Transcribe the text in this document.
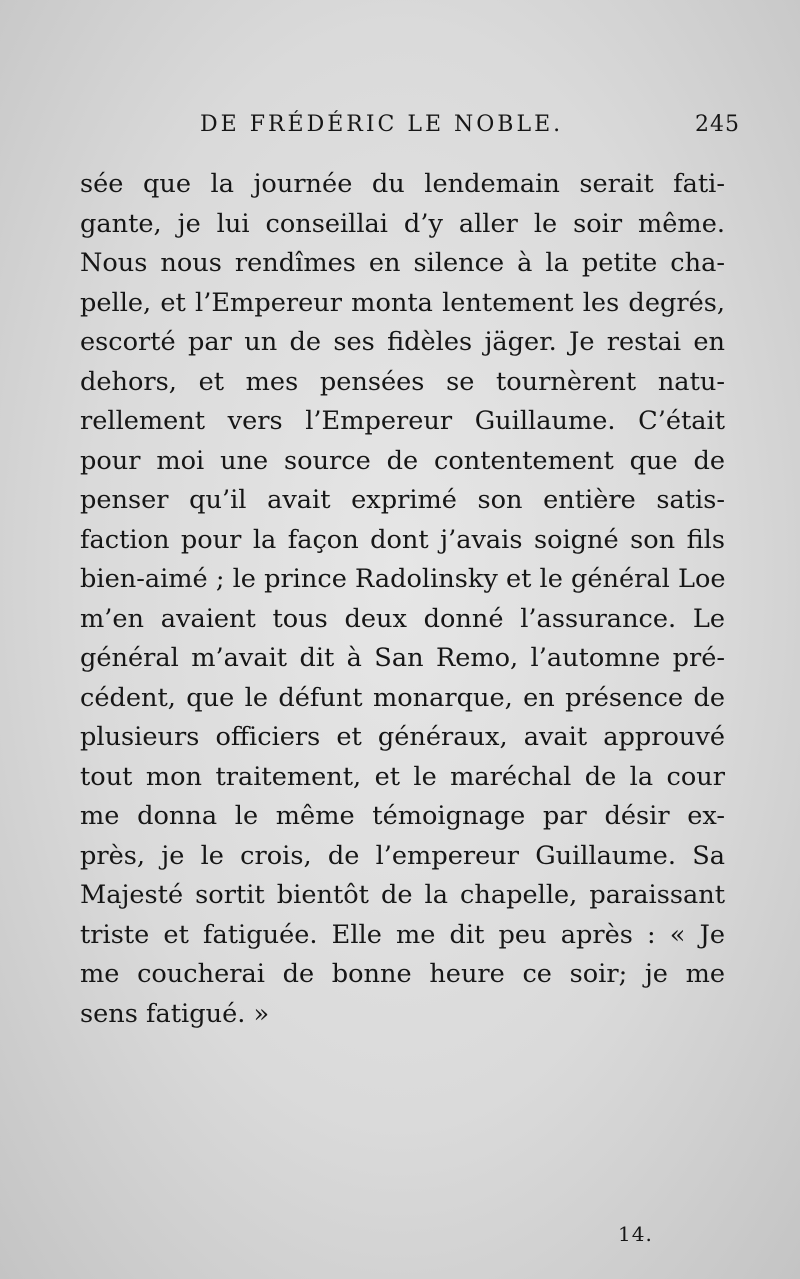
DE FRÉDÉRIC LE NOBLE.	245
sée que la journée du lendemain serait fati-
gante, je lui conseillai d’y aller le soir même.
Nous nous rendîmes en silence à la petite cha-
pelle, et l’Empereur monta lentement les degrés,
escorté par un de ses fidèles jäger. Je restai en
dehors, et mes pensées se tournèrent natu-
rellement vers l’Empereur Guillaume. C’était
pour moi une source de contentement que de
penser qu’il avait exprimé son entière satis-
faction pour la façon dont j’avais soigné son fils
bien-aimé ; le prince Radolinsky et le général Loe
m’en avaient tous deux donné l’assurance. Le
général m’avait dit à San Remo, l’automne pré-
cédent, que le défunt monarque, en présence de
plusieurs officiers et généraux, avait approuvé
tout mon traitement, et le maréchal de la cour
me donna le même témoignage par désir ex-
près, je le crois, de l’empereur Guillaume. Sa
Majesté sortit bientôt de la chapelle, paraissant
triste et fatiguée. Elle me dit peu après : « Je
me coucherai de bonne heure ce soir; je me
sens fatigué. »
14.
